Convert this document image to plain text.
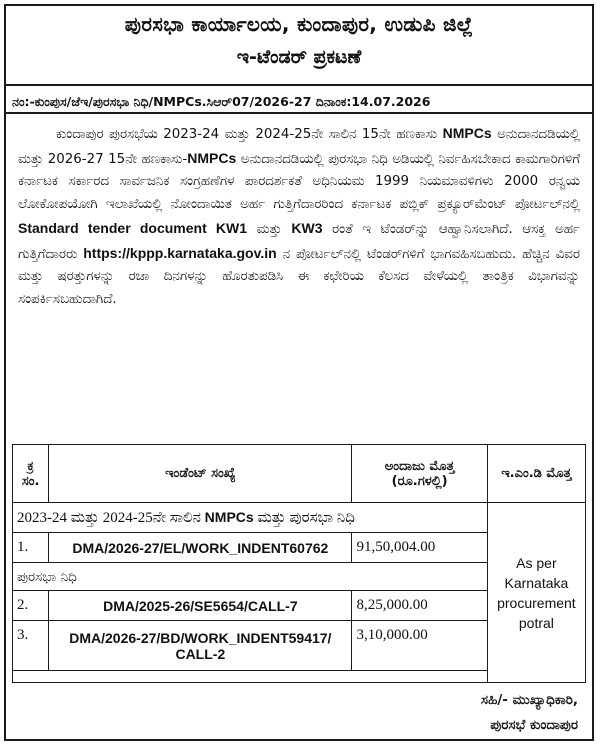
ಪುರಸಭಾ ಕಾರ್ಯಾಲಯ, ಕುಂದಾಪುರ, ಉಡುಪಿ ಜಿಲ್ಲೆ
ಇ-ಟೆಂಡರ್ ಪ್ರಕಟಣೆ
ನಂ:-ಕುಂಪುಸ/ಜೆಇ/ಪುರಸಭಾ ನಿಧಿ/NMPCs.ಸಿಆರ್07/2026-27 ದಿನಾಂಕ:14.07.2026
ಕುಂದಾಪುರ ಪುರಸಭೆಯ 2023-24 ಮತ್ತು 2024-25ನೇ ಸಾಲಿನ 15ನೇ ಹಣಕಾಸು NMPCs ಅನುದಾನದಡಿಯಲ್ಲಿ ಮತ್ತು 2026-27 15ನೇ ಹಣಕಾಸು-NMPCs ಅನುದಾನದಡಿಯಲ್ಲಿ ಪುರಸಭಾ ನಿಧಿ ಅಡಿಯಲ್ಲಿ ನಿರ್ವಹಿಸಬೇಕಾದ ಕಾಮಗಾರಿಗಳಿಗೆ ಕರ್ನಾಟಕ ಸರ್ಕಾರದ ಸಾರ್ವಜನಿಕ ಸಂಗ್ರಹಣೆಗಳ ಪಾರದರ್ಶಕತೆ ಅಧಿನಿಯಮ 1999 ನಿಯಮಾವಳಿಗಳು 2000 ರನ್ವಯ ಲೋಕೋಪಯೋಗಿ ಇಲಾಖೆಯಲ್ಲಿ ನೋಂದಾಯಿತ ಅರ್ಹ ಗುತ್ತಿಗೆದಾರರಿಂದ ಕರ್ನಾಟಕ ಪಬ್ಲಿಕ್ ಪ್ರಕ್ಯೂರ್‌ಮೆಂಟ್ ಪೋರ್ಟಲ್‌ನಲ್ಲಿ Standard tender document KW1 ಮತ್ತು KW3 ರಂತೆ ಇ ಟೆಂಡರ್‌ನ್ನು ಆಹ್ವಾನಿಸಲಾಗಿದೆ. ಆಸಕ್ತ ಅರ್ಹ ಗುತ್ತಿಗೆದಾರರು https://kppp.karnataka.gov.in ನ ಪೋರ್ಟಲ್‌ನಲ್ಲಿ ಟೆಂಡರ್‌ಗಳಿಗೆ ಭಾಗವಹಿಸಬಹುದು. ಹೆಚ್ಚಿನ ವಿವರ ಮತ್ತು ಷರತ್ತುಗಳನ್ನು ರಜಾ ದಿನಗಳನ್ನು ಹೊರತುಪಡಿಸಿ ಈ ಕಛೇರಿಯ ಕೆಲಸದ ವೇಳೆಯಲ್ಲಿ ತಾಂತ್ರಿಕ ವಿಭಾಗವನ್ನು ಸಂಪರ್ಕಿಸಬಹುದಾಗಿದೆ.
ಕ್ರ ಸಂ.	ಇಂಡೆಂಟ್ ಸಂಖ್ಯೆ	ಅಂದಾಜು ಮೊತ್ತ (ರೂ.ಗಳಲ್ಲಿ)	ಇ.ಎಂ.ಡಿ ಮೊತ್ತ
2023-24 ಮತ್ತು 2024-25ನೇ ಸಾಲಿನ NMPCs ಮತ್ತು ಪುರಸಭಾ ನಿಧಿ			As per Karnataka procurement potral
1.	DMA/2026-27/EL/WORK_INDENT60762	91,50,004.00	
ಪುರಸಭಾ ನಿಧಿ			
2.	DMA/2025-26/SE5654/CALL-7	8,25,000.00	
3.	DMA/2026-27/BD/WORK_INDENT59417/ CALL-2	3,10,000.00	

ಸಹಿ/- ಮುಖ್ಯಾಧಿಕಾರಿ,
ಪುರಸಭೆ ಕುಂದಾಪುರ
